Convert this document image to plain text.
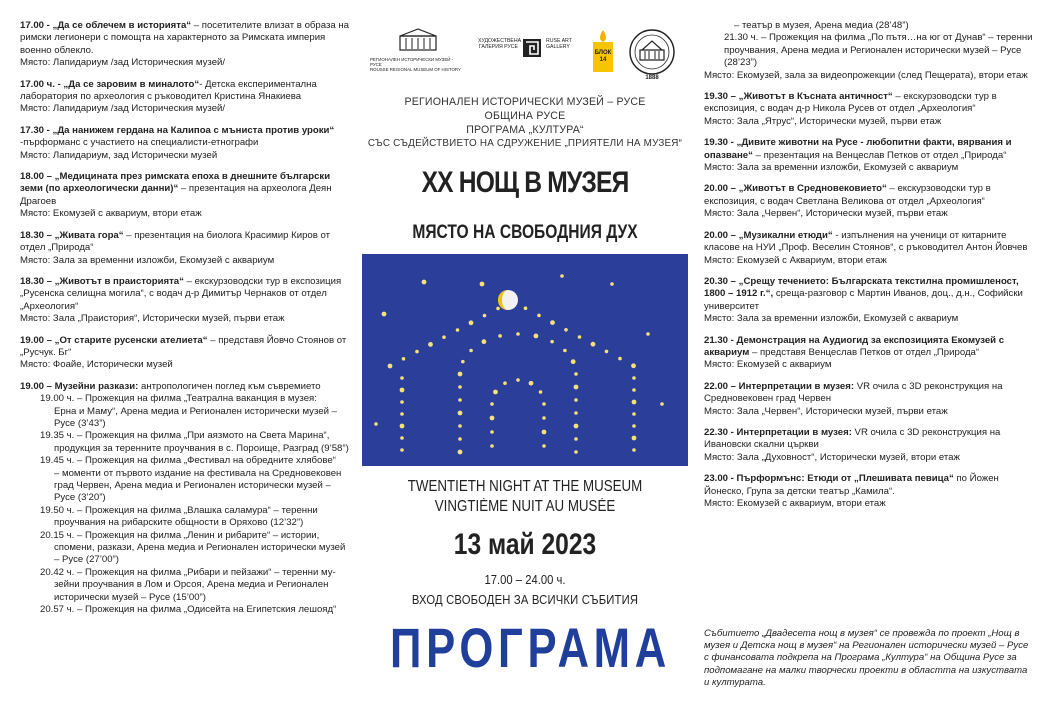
17.00 - „Да се облечем в историята“ – посетителите влизат в образа на римски легионери с помощта на характерното за Римската империя военно облекло.
Място: Лапидариум /зад Историческия музей/
17.00 ч. - „Да се заровим в миналото“- Детска експериментална лаборатория по археология с ръководител Кристина Янакиева
Място: Лапидариум /зад Историческия музей/
17.30 - „Да нанижем гердана на Калипоа с мъниста против уроки“ -пърформанс с участието на специалисти-етнографи
Място: Лапидариум, зад Исторически музей
18.00 – „Медицината през римската епоха в днешните български земи (по археологически данни)“ – презентация на археолога Деян Драгоев
Място: Екомузей с аквариум, втори етаж
18.30 – „Живата гора“ – презентация на биолога Красимир Киров от отдел „Природа“
Място: Зала за временни изложби, Екомузей с аквариум
18.30 – „Животът в праисторията“ – екскурзоводски тур в експозиция „Русенска селищна могила“, с водач д-р Димитър Чернаков от отдел „Археология“
Място: Зала „Праистория“, Исторически музей, първи етаж
19.00 – „От старите русенски ателиета“ – представя Йовчо Стоянов от „Русчук. Бг“
Място: Фоайе, Исторически музей
19.00 – Музейни разкази: антропологичен поглед към съвремието
19.00 ч. – Прожекция на филма „Театрална ваканция в музея:
Ерна и Маму“, Арена медиа и Регионален исторически музей – Русе (3’43”)
19.35 ч. – Прожекция на филма „При аязмото на Света Марина“,
продукция за теренните проучвания в с. Пороище, Разград (9’58”)
19.45 ч. – Прожекция на филма „Фестивал на обредните хлябове“
– моменти от първото издание на фестивала на Средновековен град Червен, Арена медиа и Регионален исторически музей – Русе (3’20”)
19.50 ч. – Прожекция на филма „Влашка саламура“ – теренни
проучвания на рибарските общности в Оряхово (12’32”)
20.15 ч. – Прожекция на филма „Ленин и рибарите“ – истории,
спомени, разкази, Арена медиа и Регионален исторически музей – Русе (27’00”)
20.42 ч. – Прожекция на филма „Рибари и пейзажи“ – теренни му-
зейни проучвания в Лом и Орсоя, Арена медиа и Регионален исторически музей – Русе (15’00”)
20.57 ч. – Прожекция на филма „Одисейта на Египетския лешояд“
РЕГИОНАЛЕН ИСТОРИЧЕСКИ МУЗЕЙ - РУСЕ
ROUSSE REGIONAL MUSEUM OF HISTORY
ХУДОЖЕСТВЕНА ГАЛЕРИЯ РУСЕ
RUSE ART GALLERY
БЛОК 14
1888
РЕГИОНАЛЕН ИСТОРИЧЕСКИ МУЗЕЙ – РУСЕ
ОБЩИНА РУСЕ
ПРОГРАМА „КУЛТУРА“
СЪС СЪДЕЙСТВИЕТО НА СДРУЖЕНИЕ „ПРИЯТЕЛИ НА МУЗЕЯ“
XX НОЩ В МУЗЕЯ
МЯСТО НА СВОБОДНИЯ ДУХ
TWENTIETH NIGHT AT THE MUSEUM
VINGTIÈME NUIT AU MUSÉE
13 май 2023
17.00 – 24.00 ч.
ВХОД СВОБОДЕН ЗА ВСИЧКИ СЪБИТИЯ
ПРОГРАМА
– театър в музея, Арена медиа (28’48”)
21.30 ч. – Прожекция на филма „По пътя…на юг от Дунав“ – теренни проучвания, Арена медиа и Регионален исторически музей – Русе (28’23”)
Място: Екомузей, зала за видеопрожекции (след Пещерата), втори етаж
19.30 – „Животът в Късната античност“ – екскурзоводски тур в експозиция, с водач д-р Никола Русев от отдел „Археология“
Място: Зала „Ятрус“, Исторически музей, първи етаж
19.30 - „Дивите животни на Русе - любопитни факти, вярвания и опазване“ – презентация на Венцеслав Петков от отдел „Природа“
Място: Зала за временни изложби, Екомузей с аквариум
20.00 – „Животът в Средновековието“ – екскурзоводски тур в експозиция, с водач Светлана Великова от отдел „Археология“
Място: Зала „Червен“, Исторически музей, първи етаж
20.00 – „Музикални етюди“ - изпълнения на ученици от китарните класове на НУИ „Проф. Веселин Стоянов“, с ръководител Антон Йовчев
Място: Екомузей с Аквариум, втори етаж
20.30 – „Срещу течението: Българската текстилна промишленост, 1800 – 1912 г.“, среща-разговор с Мартин Иванов, доц., д.н., Софийски университет
Място: Зала за временни изложби, Екомузей с аквариум
21.30 - Демонстрация на Аудиогид за експозицията Екомузей с аквариум – представя Венцеслав Петков от отдел „Природа“
Място: Екомузей с аквариум
22.00 – Интерпретации в музея: VR очила с 3D реконструкция на Средновековен град Червен
Място: Зала „Червен“, Исторически музей, първи етаж
22.30 - Интерпретации в музея: VR очила с 3D реконструкция на Ивановски скални църкви
Място: Зала „Духовност“, Исторически музей, втори етаж
23.00 - Пърформънс: Етюди от „Плешивата певица“ по Йожен Йонеско, Група за детски театър „Камила“.
Място: Екомузей с аквариум, втори етаж
Събитието „Двадесета нощ в музея“ се провежда по проект „Нощ в музея и Детска нощ в музея“ на Регионален исторически музей – Русе с финансовата подкрепа на Програма „Култура“ на Община Русе за подпомагане на малки творчески проекти в областта на изкуствата и културата.
